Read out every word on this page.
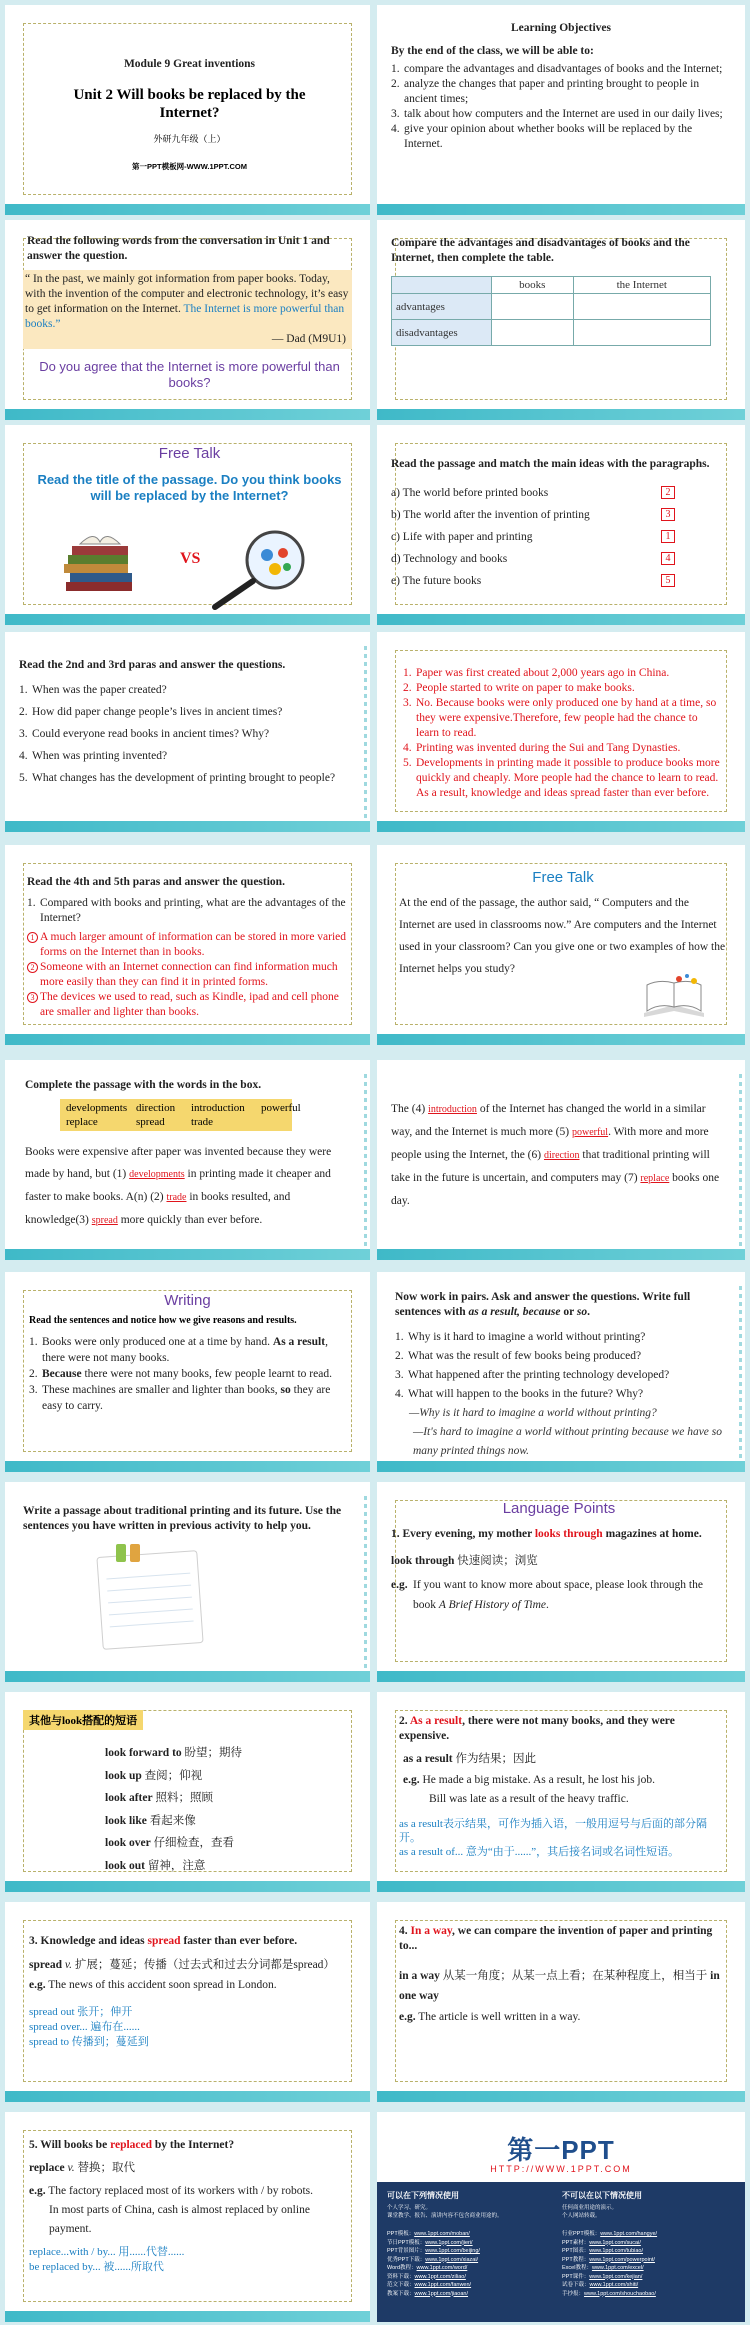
Module 9 Great inventions
Unit 2 Will books be replaced by the Internet?
外研九年级（上）
第一PPT模板网-WWW.1PPT.COM
Learning Objectives
By the end of the class, we will be able to:
1. compare the advantages and disadvantages of books and the Internet;
2. analyze the changes that paper and printing brought to people in ancient times;
3. talk about how computers and the Internet are used in our daily lives;
4. give your opinion about whether books will be replaced by the Internet.
Read the following words from the conversation in Unit 1 and answer the question.
“ In the past, we mainly got information from paper books. Today, with the invention of the computer and electronic technology, it’s easy to get information on the Internet. The Internet is more powerful than books.”
— Dad (M9U1)
Do you agree that the Internet is more powerful than books?
Compare the advantages and disadvantages of books and the Internet, then complete the table.
	books	the Internet
advantages		
disadvantages		
Free Talk
Read the title of the passage. Do you think books will be replaced by the Internet?
VS
Read the passage and match the main ideas with the paragraphs.
a) The world before printed books	2
b) The world after the invention of printing	3
c) Life with paper and printing	1
d) Technology and books	4
e) The future books	5
Read the 2nd and 3rd paras and answer the questions.
1. When was the paper created?
2. How did paper change people’s lives in ancient times?
3. Could everyone read books in ancient times? Why?
4. When was printing invented?
5. What changes has the development of printing brought to people?
1. Paper was first created about 2,000 years ago in China.
2. People started to write on paper to make books.
3. No. Because books were only produced one by hand at a time, so they were expensive.Therefore, few people had the chance to learn to read.
4. Printing was invented during the Sui and Tang Dynasties.
5. Developments in printing made it possible to produce books more quickly and cheaply. More people had the chance to learn to read. As a result, knowledge and ideas spread faster than ever before.
Read the 4th and 5th paras and answer the question.
1. Compared with books and printing, what are the advantages of the Internet?
1 A much larger amount of information can be stored in more varied forms on the Internet than in books.
2 Someone with an Internet connection can find information much more easily than they can find it in printed forms.
3 The devices we used to read, such as Kindle, ipad and cell phone are smaller and lighter than books.
Free Talk
At the end of the passage, the author said, “ Computers and the Internet are used in classrooms now.” Are computers and the Internet used in your classroom? Can you give one or two examples of how the Internet helps you study?
Complete the passage with the words in the box.
developments direction	introduction	powerful
replace	spread	trade
Books were expensive after paper was invented because they were made by hand, but (1) developments in printing made it cheaper and faster to make books. A(n) (2) trade in books resulted, and knowledge(3) spread more quickly than ever before.
The (4) introduction of the Internet has changed the world in a similar way, and the Internet is much more (5) powerful. With more and more people using the Internet, the (6) direction that traditional printing will take in the future is uncertain, and computers may (7) replace books one day.
Writing
Read the sentences and notice how we give reasons and results.
1. Books were only produced one at a time by hand. As a result, there were not many books.
2. Because there were not many books, few people learnt to read.
3. These machines are smaller and lighter than books, so they are easy to carry.
Now work in pairs. Ask and answer the questions. Write full sentences with as a result, because or so.
1. Why is it hard to imagine a world without printing?
2. What was the result of few books being produced?
3. What happened after the printing technology developed?
4. What will happen to the books in the future? Why?
—Why is it hard to imagine a world without printing?
—It's hard to imagine a world without printing because we have so many printed things now.
Write a passage about traditional printing and its future. Use the sentences you have written in previous activity to help you.
Language Points
1. Every evening, my mother looks through magazines at home.
look through 快速阅读；浏览
e.g. If you want to know more about space, please look through the book A Brief History of Time.
其他与look搭配的短语
look forward to 盼望；期待
look up 查阅；仰视
look after 照料；照顾
look like 看起来像
look over 仔细检查，查看
look out 留神，注意
2. As a result, there were not many books, and they were expensive.
as a result 作为结果；因此
e.g. He made a big mistake. As a result, he lost his job.
Bill was late as a result of the heavy traffic.
as a result表示结果，可作为插入语，一般用逗号与后面的部分隔开。
as a result of... 意为“由于......”，其后接名词或名词性短语。
3. Knowledge and ideas spread faster than ever before.
spread v. 扩展；蔓延；传播（过去式和过去分词都是spread）
e.g. The news of this accident soon spread in London.
spread out 张开；伸开
spread over... 遍布在......
spread to 传播到；蔓延到
4. In a way, we can compare the invention of paper and printing to...
in a way 从某一角度；从某一点上看；在某种程度上，相当于 in one way
e.g. The article is well written in a way.
5. Will books be replaced by the Internet?
replace v. 替换；取代
e.g. The factory replaced most of its workers with / by robots.
In most parts of China, cash is almost replaced by online payment.
replace...with / by... 用......代替......
be replaced by... 被......所取代
第一PPT
HTTP://WWW.1PPT.COM
可以在下列情况使用
个人学习、研究。
课堂教学、报告、演讲内容不包含商业用途的。
不可以在以下情况使用
任何商业用途的演示。
个人网站转载。
PPT模板：www.1ppt.com/moban/
节日PPT模板：www.1ppt.com/jieri/
PPT背景图片：www.1ppt.com/beijing/
优秀PPT下载：www.1ppt.com/xiazai/
Word教程：www.1ppt.com/word/
资料下载：www.1ppt.com/ziliao/
范文下载：www.1ppt.com/fanwen/
教案下载：www.1ppt.com/jiaoan/
行业PPT模板：www.1ppt.com/hangye/
PPT素材：www.1ppt.com/sucai/
PPT图表：www.1ppt.com/tubiao/
PPT教程：www.1ppt.com/powerpoint/
Excel教程：www.1ppt.com/excel/
PPT课件：www.1ppt.com/kejian/
试卷下载：www.1ppt.com/shiti/
手抄报：www.1ppt.com/shouchaobao/
